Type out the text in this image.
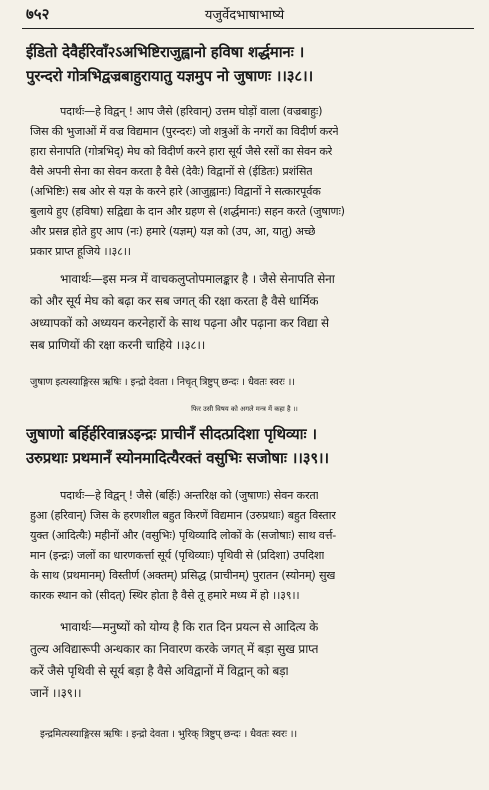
७५२	यजुर्वेदभाषाभाष्ये
ईडितो देवैर्हरिवाँ२ऽअभिष्टिराजुह्वानो हविषा शर्द्धमानः ।
पुरन्दरो गोत्रभिद्वज्रबाहुरायातु यज्ञमुप नो जुषाणः ।।३८।।
पदार्थः—हे विद्वन् ! आप जैसे (हरिवान्) उत्तम घोड़ों वाला (वज्रबाहुः)
जिस की भुजाओं में वज्र विद्यमान (पुरन्दरः) जो शत्रुओं के नगरों का विदीर्ण करने
हारा सेनापति (गोत्रभिद्) मेघ को विदीर्ण करने हारा सूर्य जैसे रसों का सेवन करे
वैसे अपनी सेना का सेवन करता है वैसे (देवैः) विद्वानों से (ईडितः) प्रशंसित
(अभिष्टिः) सब ओर से यज्ञ के करने हारे (आजुह्वानः) विद्वानों ने सत्कारपूर्वक
बुलाये हुए (हविषा) सद्विद्या के दान और ग्रहण से (शर्द्धमानः) सहन करते (जुषाणः)
और प्रसन्न होते हुए आप (नः) हमारे (यज्ञम्) यज्ञ को (उप, आ, यातु) अच्छे
प्रकार प्राप्त हूजिये ।।३८।।
भावार्थः—इस मन्त्र में वाचकलुप्तोपमालङ्कार है । जैसे सेनापति सेना
को और सूर्य मेघ को बढ़ा कर सब जगत् की रक्षा करता है वैसे धार्मिक
अध्यापकों को अध्ययन करनेहारों के साथ पढ़ना और पढ़ाना कर विद्या से
सब प्राणियों की रक्षा करनी चाहिये ।।३८।।
जुषाण इत्यस्याङ्गिरस ऋषिः । इन्द्रो देवता । निचृत् त्रिष्टुप् छन्दः । धैवतः स्वरः ।।
फिर उसी विषय को अगले मन्त्र में कहा है ।।
जुषाणो बर्हिर्हरिवान्नऽइन्द्रः प्राचीनँ सीदत्प्रदिशा पृथिव्याः ।
उरुप्रथाः प्रथमानँ स्योनमादित्यैरक्तं वसुभिः सजोषाः ।।३९।।
पदार्थः—हे विद्वन् ! जैसे (बर्हिः) अन्तरिक्ष को (जुषाणः) सेवन करता
हुआ (हरिवान्) जिस के हरणशील बहुत किरणें विद्यमान (उरुप्रथाः) बहुत विस्तार
युक्त (आदित्यैः) महीनों और (वसुभिः) पृथिव्यादि लोकों के (सजोषाः) साथ वर्त्त-
मान (इन्द्रः) जलों का धारणकर्त्ता सूर्य (पृथिव्याः) पृथिवी से (प्रदिशा) उपदिशा
के साथ (प्रथमानम्) विस्तीर्ण (अक्तम्) प्रसिद्ध (प्राचीनम्) पुरातन (स्योनम्) सुख
कारक स्थान को (सीदत्) स्थिर होता है वैसे तू हमारे मध्य में हो ।।३९।।
भावार्थः—मनुष्यों को योग्य है कि रात दिन प्रयत्न से आदित्य के
तुल्य अविद्यारूपी अन्धकार का निवारण करके जगत् में बड़ा सुख प्राप्त
करें जैसे पृथिवी से सूर्य बड़ा है वैसे अविद्वानों में विद्वान् को बड़ा
जानें ।।३९।।
इन्द्रमित्यस्याङ्गिरस ऋषिः । इन्द्रो देवता । भुरिक् त्रिष्टुप् छन्दः । धैवतः स्वरः ।।
